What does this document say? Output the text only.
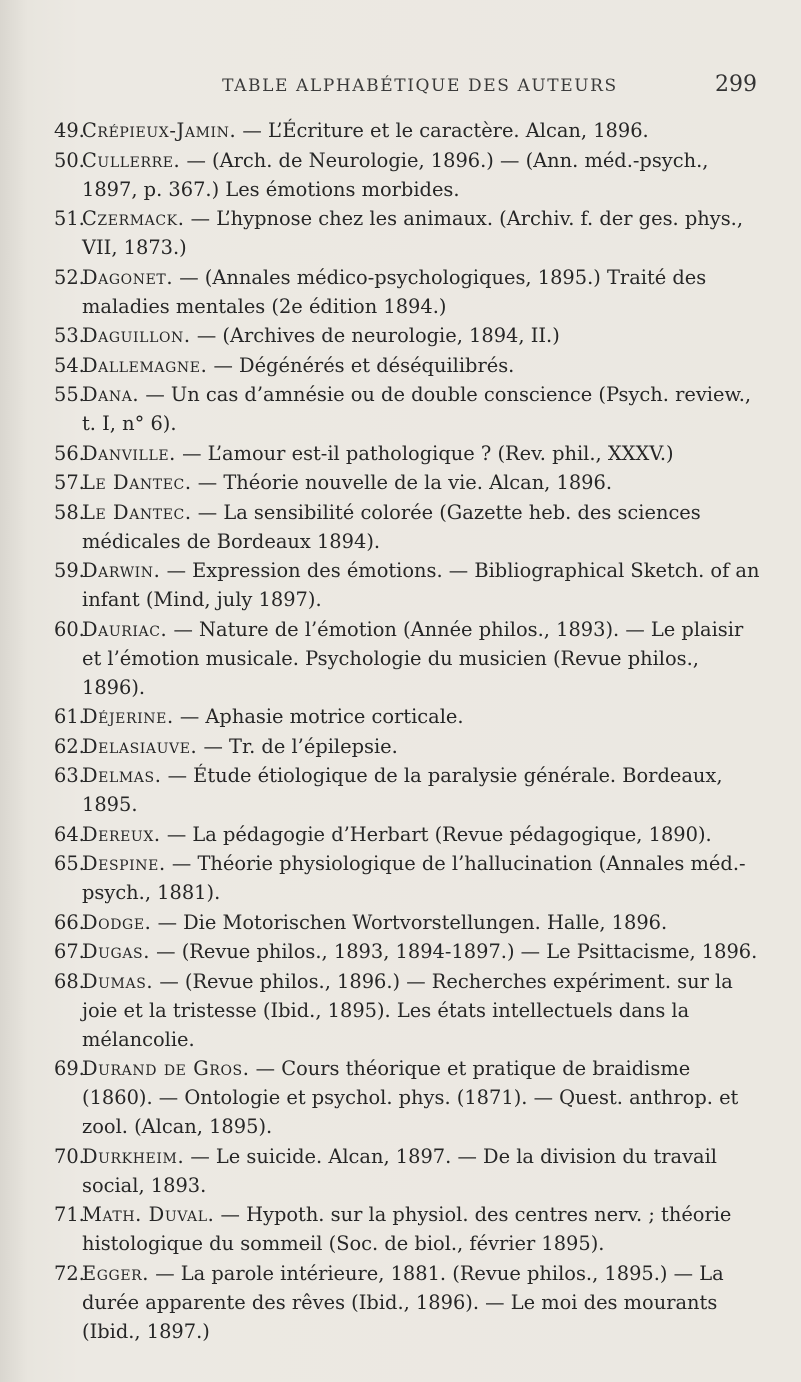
TABLE ALPHABÉTIQUE DES AUTEURS	299
49.Crépieux-Jamin. — L’Écriture et le caractère. Alcan, 1896.
50.Cullerre. — (Arch. de Neurologie, 1896.) — (Ann. méd.-psych., 1897, p. 367.) Les émotions morbides.
51.Czermack. — L’hypnose chez les animaux. (Archiv. f. der ges. phys., VII, 1873.)
52.Dagonet. — (Annales médico-psychologiques, 1895.) Traité des maladies mentales (2e édition 1894.)
53.Daguillon. — (Archives de neurologie, 1894, II.)
54.Dallemagne. — Dégénérés et déséquilibrés.
55.Dana. — Un cas d’amnésie ou de double conscience (Psych. review., t. I, n° 6).
56.Danville. — L’amour est-il pathologique ? (Rev. phil., XXXV.)
57.Le Dantec. — Théorie nouvelle de la vie. Alcan, 1896.
58.Le Dantec. — La sensibilité colorée (Gazette heb. des sciences médicales de Bordeaux 1894).
59.Darwin. — Expression des émotions. — Bibliographical Sketch. of an infant (Mind, july 1897).
60.Dauriac. — Nature de l’émotion (Année philos., 1893). — Le plaisir et l’émotion musicale. Psychologie du musicien (Revue philos., 1896).
61.Déjerine. — Aphasie motrice corticale.
62.Delasiauve. — Tr. de l’épilepsie.
63.Delmas. — Étude étiologique de la paralysie générale. Bordeaux, 1895.
64.Dereux. — La pédagogie d’Herbart (Revue pédagogique, 1890).
65.Despine. — Théorie physiologique de l’hallucination (Annales méd.-psych., 1881).
66.Dodge. — Die Motorischen Wortvorstellungen. Halle, 1896.
67.Dugas. — (Revue philos., 1893, 1894-1897.) — Le Psittacisme, 1896.
68.Dumas. — (Revue philos., 1896.) — Recherches expériment. sur la joie et la tristesse (Ibid., 1895). Les états intellectuels dans la mélancolie.
69.Durand de Gros. — Cours théorique et pratique de braidisme (1860). — Ontologie et psychol. phys. (1871). — Quest. anthrop. et zool. (Alcan, 1895).
70.Durkheim. — Le suicide. Alcan, 1897. — De la division du travail social, 1893.
71.Math. Duval. — Hypoth. sur la physiol. des centres nerv. ; théorie histologique du sommeil (Soc. de biol., février 1895).
72.Egger. — La parole intérieure, 1881. (Revue philos., 1895.) — La durée apparente des rêves (Ibid., 1896). — Le moi des mourants (Ibid., 1897.)
